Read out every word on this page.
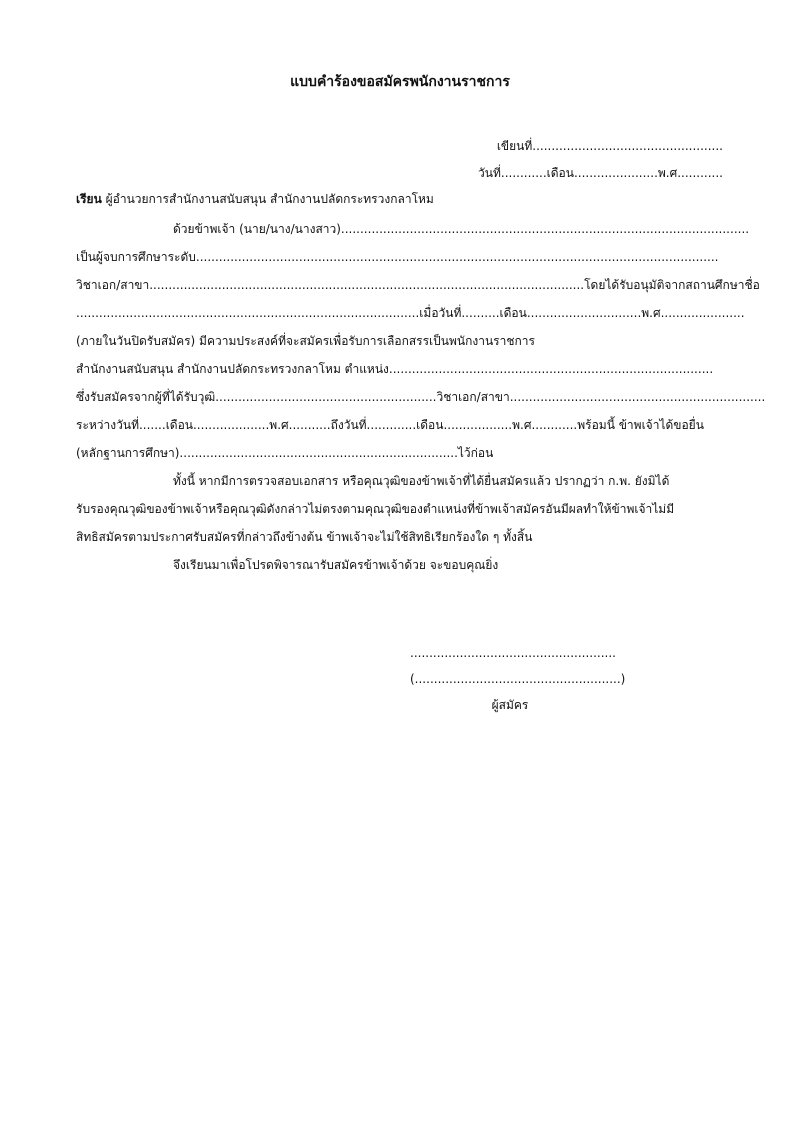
แบบคำร้องขอสมัครพนักงานราชการ
เขียนที่..................................................
วันที่............เดือน......................พ.ศ............
เรียน ผู้อำนวยการสำนักงานสนับสนุน สำนักงานปลัดกระทรวงกลาโหม
ด้วยข้าพเจ้า (นาย/นาง/นางสาว)...........................................................................................................
เป็นผู้จบการศึกษาระดับ.........................................................................................................................................
วิชาเอก/สาขา..................................................................................................................โดยได้รับอนุมัติจากสถานศึกษาชื่อ
..........................................................................................เมื่อวันที่..........เดือน..............................พ.ศ......................
(ภายในวันปิดรับสมัคร) มีความประสงค์ที่จะสมัครเพื่อรับการเลือกสรรเป็นพนักงานราชการ
สำนักงานสนับสนุน สำนักงานปลัดกระทรวงกลาโหม ตำแหน่ง.....................................................................................
ซึ่งรับสมัครจากผู้ที่ได้รับวุฒิ..........................................................วิชาเอก/สาขา...................................................................
ระหว่างวันที่.......เดือน....................พ.ศ...........ถึงวันที่.............เดือน..................พ.ศ............พร้อมนี้ ข้าพเจ้าได้ขอยื่น
(หลักฐานการศึกษา).........................................................................ไว้ก่อน
ทั้งนี้ หากมีการตรวจสอบเอกสาร หรือคุณวุฒิของข้าพเจ้าที่ได้ยื่นสมัครแล้ว ปรากฏว่า ก.พ. ยังมิได้
รับรองคุณวุฒิของข้าพเจ้าหรือคุณวุฒิดังกล่าวไม่ตรงตามคุณวุฒิของตำแหน่งที่ข้าพเจ้าสมัครอันมีผลทำให้ข้าพเจ้าไม่มี
สิทธิสมัครตามประกาศรับสมัครที่กล่าวถึงข้างต้น ข้าพเจ้าจะไม่ใช้สิทธิเรียกร้องใด ๆ ทั้งสิ้น
จึงเรียนมาเพื่อโปรดพิจารณารับสมัครข้าพเจ้าด้วย จะขอบคุณยิ่ง
......................................................
(......................................................)
ผู้สมัคร
